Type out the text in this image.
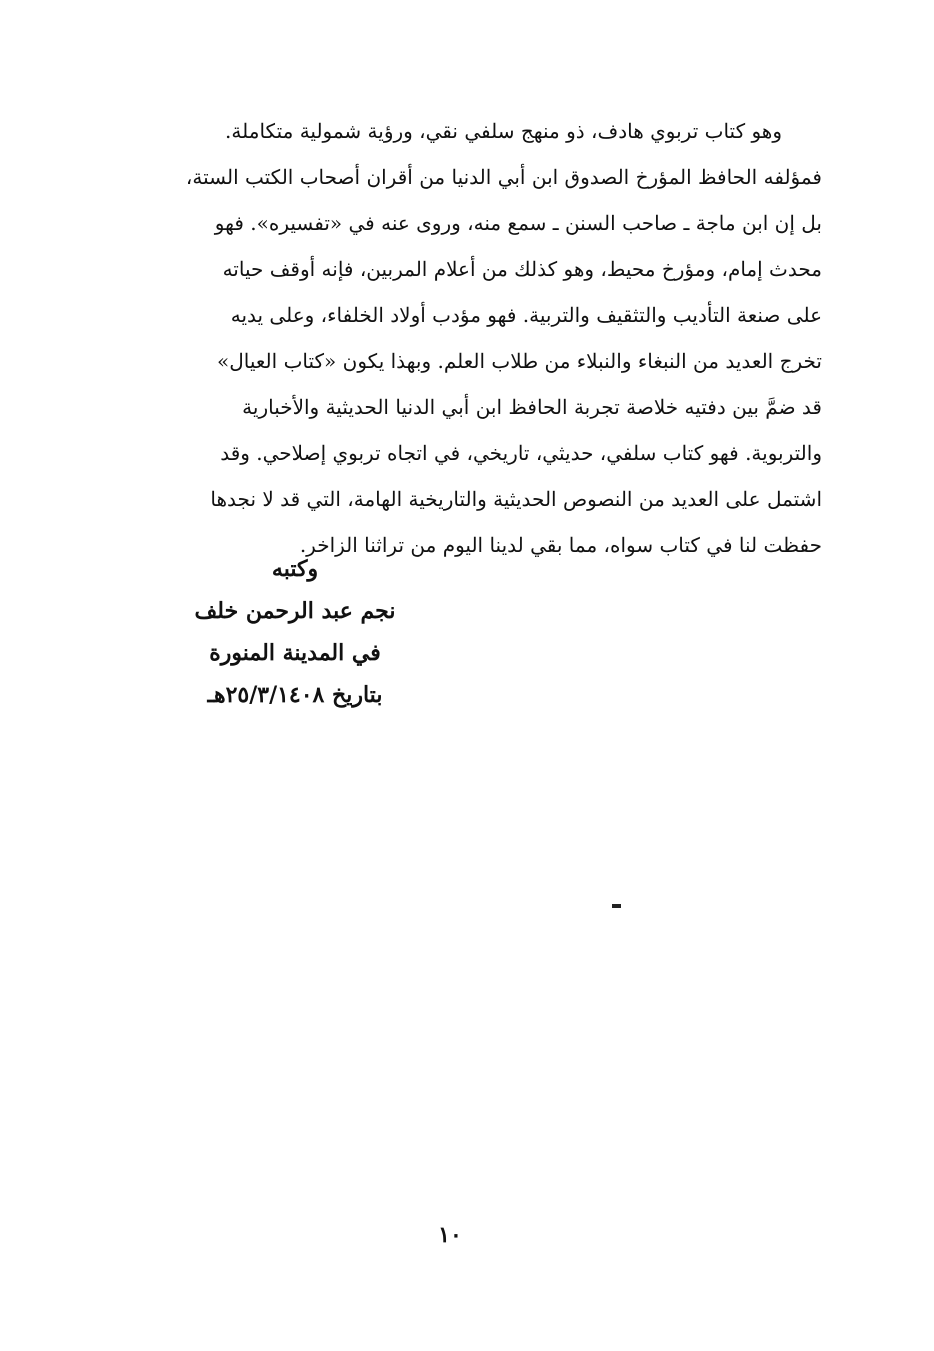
وهو كتاب تربوي هادف، ذو منهج سلفي نقي، ورؤية شمولية متكاملة.
فمؤلفه الحافظ المؤرخ الصدوق ابن أبي الدنيا من أقران أصحاب الكتب الستة،
بل إن ابن ماجة ـ صاحب السنن ـ سمع منه، وروى عنه في «تفسيره». فهو
محدث إمام، ومؤرخ محيط، وهو كذلك من أعلام المربين، فإنه أوقف حياته
على صنعة التأديب والتثقيف والتربية. فهو مؤدب أولاد الخلفاء، وعلى يديه
تخرج العديد من النبغاء والنبلاء من طلاب العلم. وبهذا يكون «كتاب العيال»
قد ضمَّ بين دفتيه خلاصة تجربة الحافظ ابن أبي الدنيا الحديثية والأخبارية
والتربوية. فهو كتاب سلفي، حديثي، تاريخي، في اتجاه تربوي إصلاحي. وقد
اشتمل على العديد من النصوص الحديثية والتاريخية الهامة، التي قد لا نجدها
حفظت لنا في كتاب سواه، مما بقي لدينا اليوم من تراثنا الزاخر.
وكتبه
نجم عبد الرحمن خلف
في المدينة المنورة
بتاريخ ٢٥/٣/١٤٠٨هـ
١٠
